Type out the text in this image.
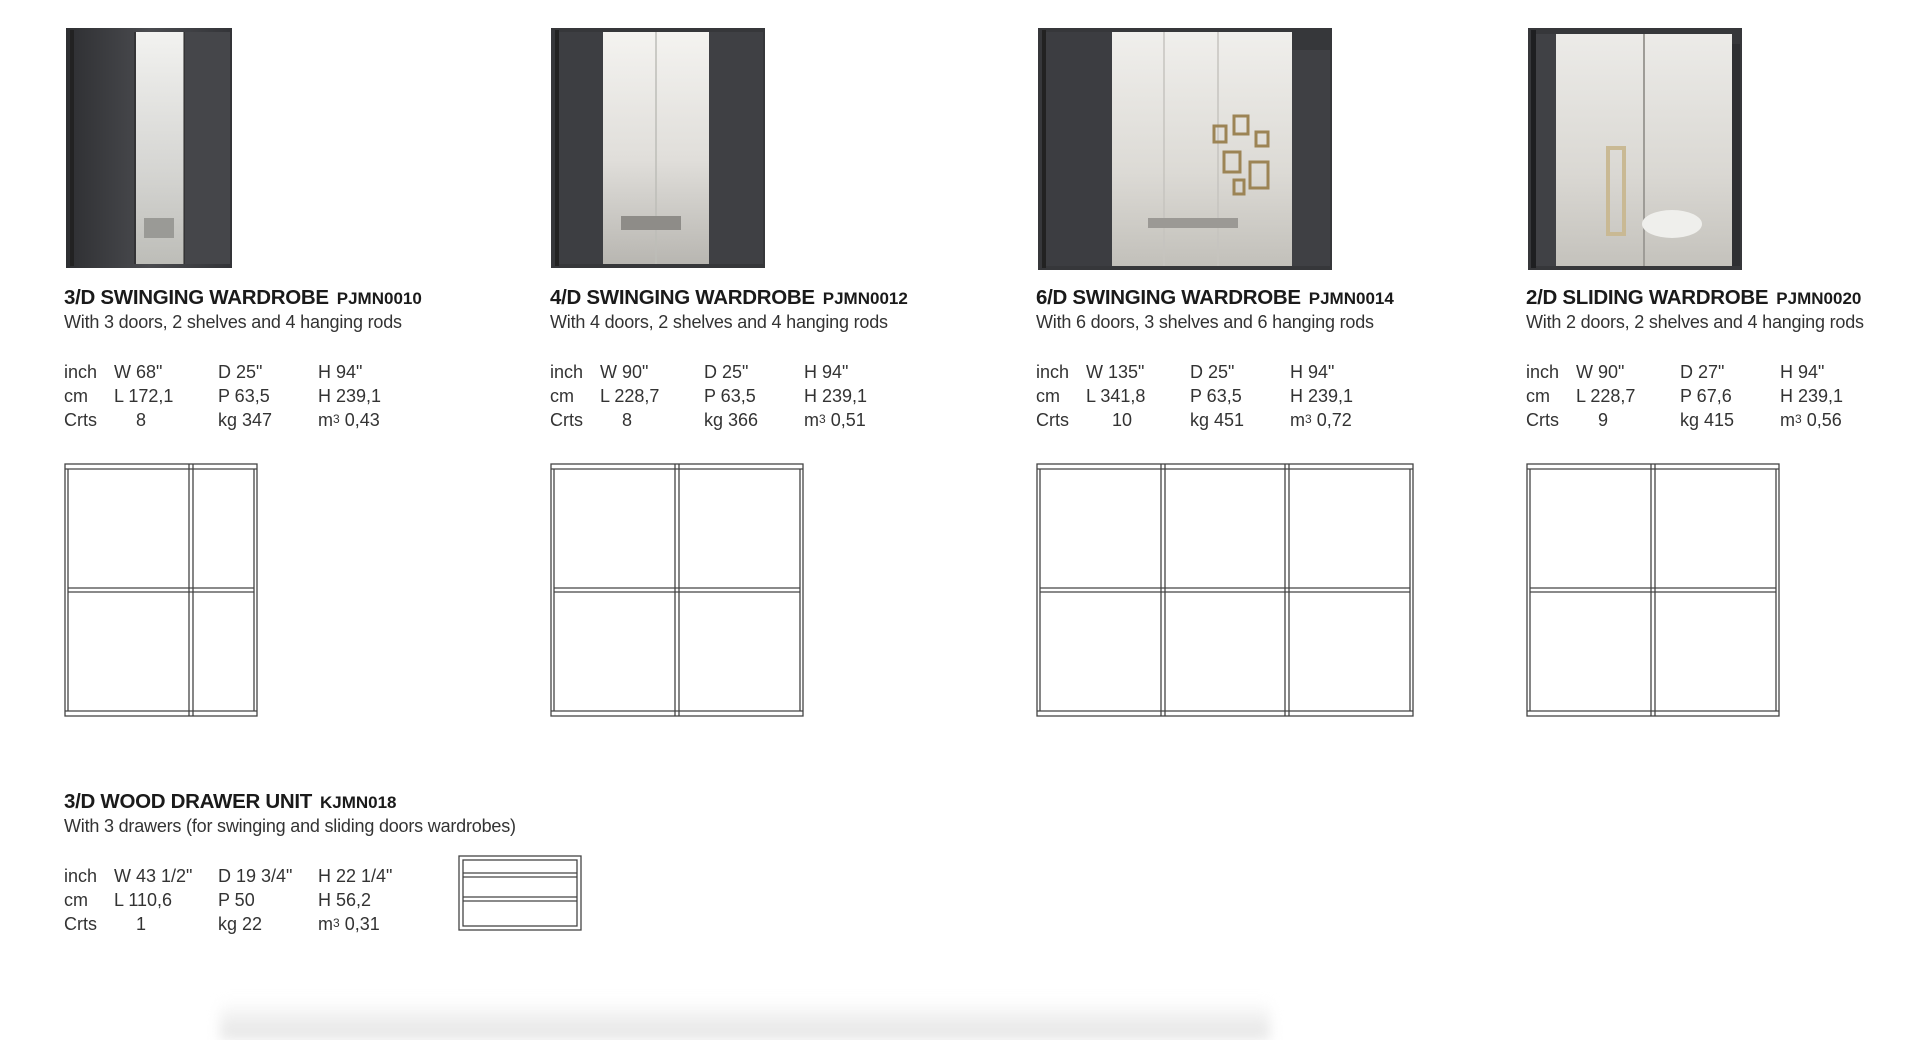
3/D SWINGING WARDROBE PJMN0010
With 3 doors, 2 shelves and 4 hanging rods
inch W 68"	D 25"	H 94"
cm L 172,1 P 63,5	H 239,1
Crts 8	kg 347	$m^3$ 0,43
4/D SWINGING WARDROBE PJMN0012
With 4 doors, 2 shelves and 4 hanging rods
inch W 90"	D 25"	H 94"
cm L 228,7 P 63,5	H 239,1
Crts 8	kg 366	$m^3$ 0,51
6/D SWINGING WARDROBE PJMN0014
With 6 doors, 3 shelves and 6 hanging rods
inch W 135"	D 25"	H 94"
cm L 341,8 P 63,5	H 239,1
Crts 10	kg 451	$m^3$ 0,72
2/D SLIDING WARDROBE PJMN0020
With 2 doors, 2 shelves and 4 hanging rods
inch W 90"	D 27"	H 94"
cm L 228,7 P 67,6	H 239,1
Crts 9	kg 415	$m^3$ 0,56
3/D WOOD DRAWER UNIT KJMN018
With 3 drawers (for swinging and sliding doors wardrobes)
inch W 43 1/2" D 19 3/4" H 22 1/4"
cm L 110,6	P 50	H 56,2
Crts 1	kg 22	$m^3$ 0,31
